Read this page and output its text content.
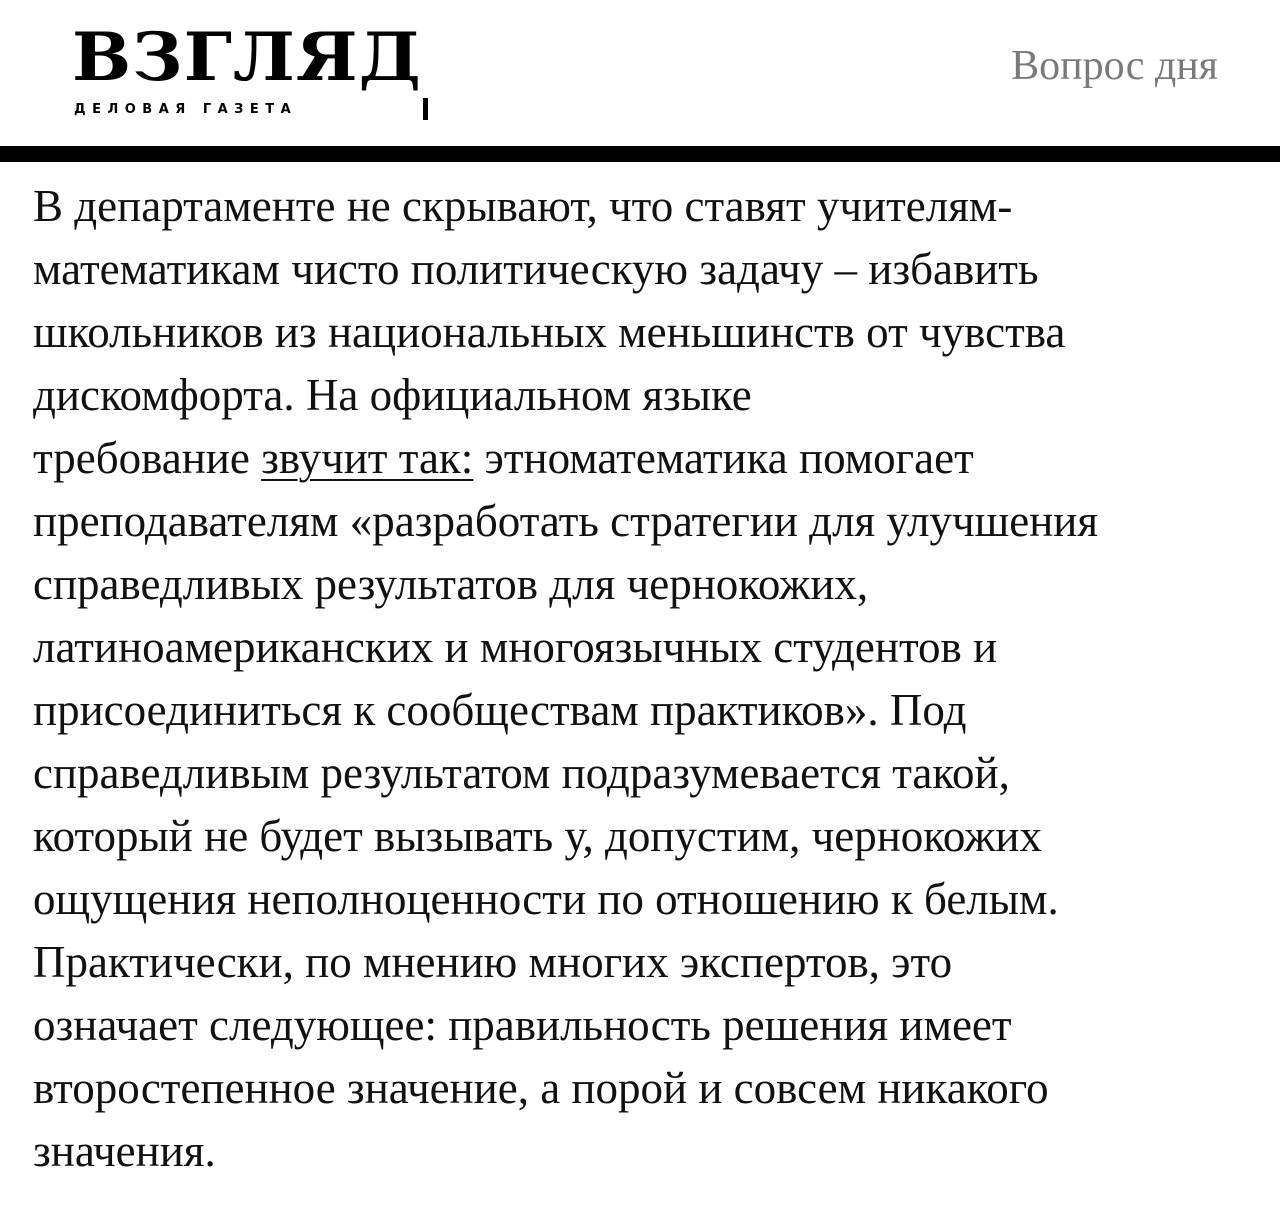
ВЗГЛЯД
ДЕЛОВАЯ ГАЗЕТА
Вопрос дня

В департаменте не скрывают, что ставят учителям-
математикам чисто политическую задачу – избавить
школьников из национальных меньшинств от чувства
дискомфорта. На официальном языке
требование звучит так: этноматематика помогает
преподавателям «разработать стратегии для улучшения
справедливых результатов для чернокожих,
латиноамериканских и многоязычных студентов и
присоединиться к сообществам практиков». Под
справедливым результатом подразумевается такой,
который не будет вызывать у, допустим, чернокожих
ощущения неполноценности по отношению к белым.
Практически, по мнению многих экспертов, это
означает следующее: правильность решения имеет
второстепенное значение, а порой и совсем никакого
значения.
